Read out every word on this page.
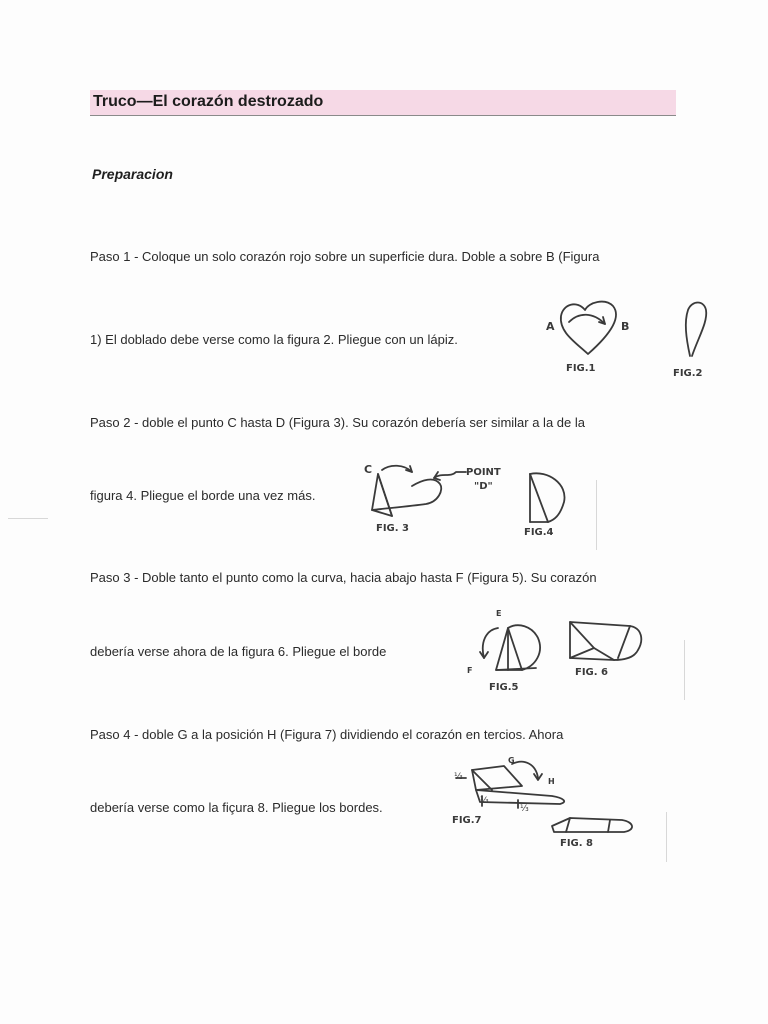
Truco—El corazón destrozado
Preparacion
Paso 1 - Coloque un solo corazón rojo sobre un superficie dura. Doble a sobre B (Figura
1) El doblado debe verse como la figura 2. Pliegue con un lápiz.
Paso 2 - doble el punto C hasta D (Figura 3). Su corazón debería ser similar a la de la
figura 4. Pliegue el borde una vez más.
Paso 3 - Doble tanto el punto como la curva, hacia abajo hasta F (Figura 5). Su corazón
debería verse ahora de la figura 6. Pliegue el borde
Paso 4 - doble G a la posición H (Figura 7) dividiendo el corazón en tercios. Ahora
debería verse como la fiçura 8. Pliegue los bordes.
A	B
FIG.1	FIG.2
C	POINT
"D"
FIG. 3	FIG.4
E
F
FIG.5
FIG. 6
G
H
⅓
⅓
⅓
FIG.7
FIG. 8
